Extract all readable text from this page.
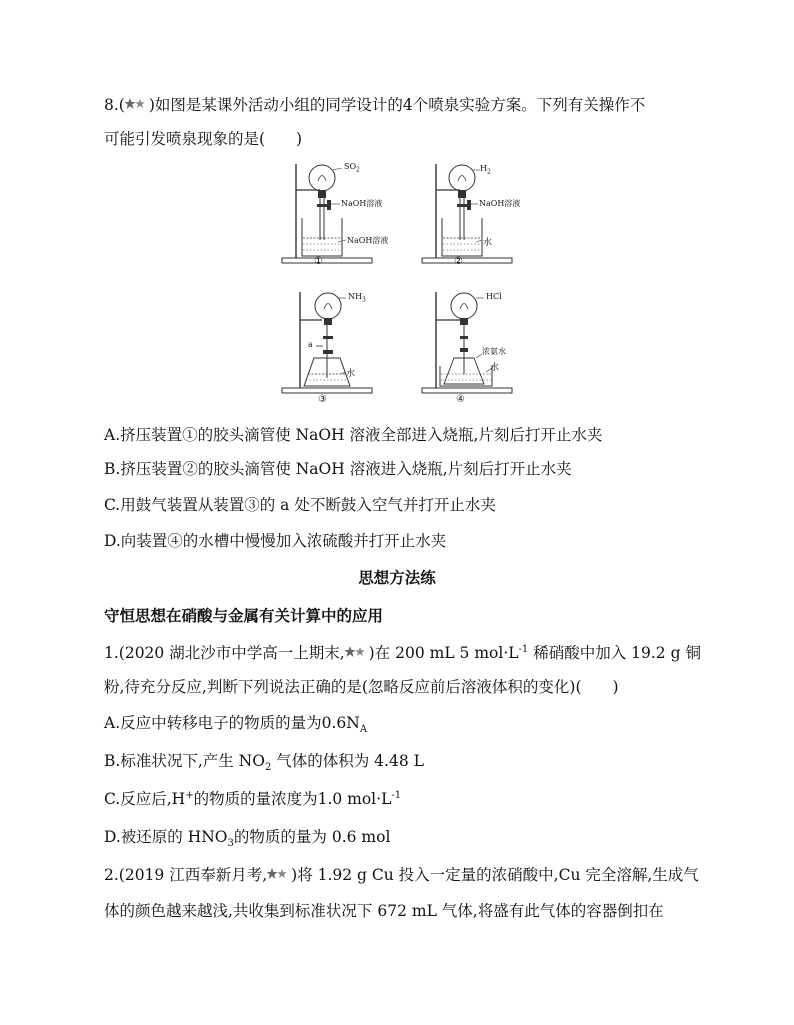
8.( )如图是某课外活动小组的同学设计的4个喷泉实验方案。下列有关操作不
可能引发喷泉现象的是(　　)
$SO_2$
NaOH溶液
NaOH溶液
①
$H_2$
NaOH溶液
水
②
$NH_3$
a
水
③
HCl
浓氨水
水
④
A.挤压装置①的胶头滴管使 NaOH 溶液全部进入烧瓶,片刻后打开止水夹
B.挤压装置②的胶头滴管使 NaOH 溶液进入烧瓶,片刻后打开止水夹
C.用鼓气装置从装置③的 a 处不断鼓入空气并打开止水夹
D.向装置④的水槽中慢慢加入浓硫酸并打开止水夹
思想方法练
守恒思想在硝酸与金属有关计算中的应用
1.(2020 湖北沙市中学高一上期末, )在 200 mL 5 $mol\cdot L^{-1}$ 稀硝酸中加入 19.2 g 铜
粉,待充分反应,判断下列说法正确的是(忽略反应前后溶液体积的变化)(　　)
A.反应中转移电子的物质的量为$0.6N_A$
B.标准状况下,产生 $NO_2$ 气体的体积为 4.48 L
C.反应后,H+的物质的量浓度为1.0 $mol\cdot L^{-1}$
D.被还原的 $HNO_3$的物质的量为 0.6 mol
2.(2019 江西奉新月考, )将 1.92 g Cu 投入一定量的浓硝酸中,Cu 完全溶解,生成气
体的颜色越来越浅,共收集到标准状况下 672 mL 气体,将盛有此气体的容器倒扣在
